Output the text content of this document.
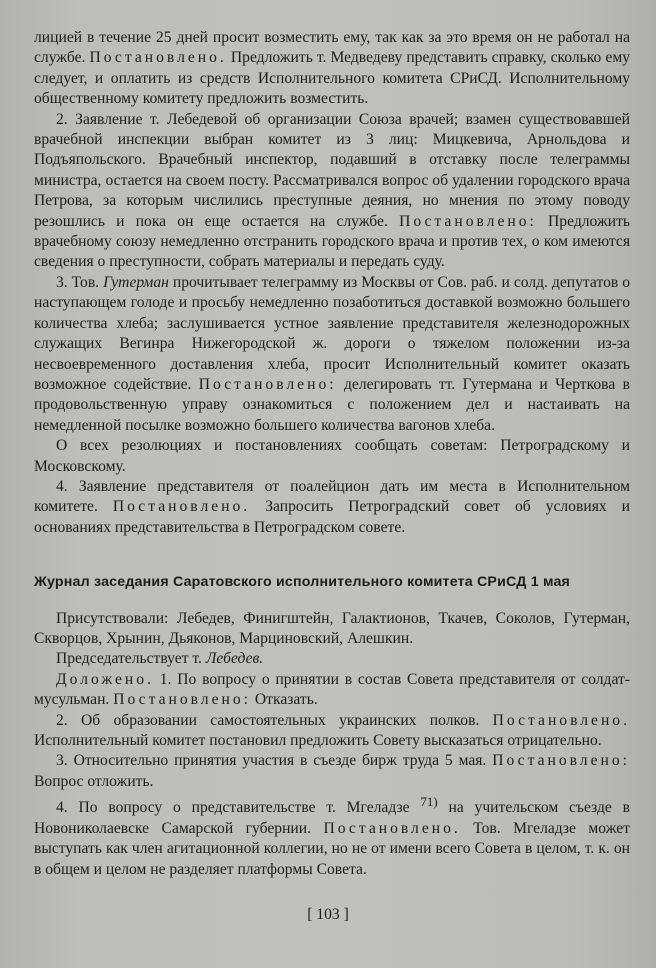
лицией в течение 25 дней просит возместить ему, так как за это время он не работал на службе. Постановлено. Предложить т. Медведеву представить справку, сколько ему следует, и оплатить из средств Исполнительного комитета СРиСД. Исполнительному общественному комитету предложить возместить.

2. Заявление т. Лебедевой об организации Союза врачей; взамен существовавшей врачебной инспекции выбран комитет из 3 лиц: Мицкевича, Арнольдова и Подъяпольского. Врачебный инспектор, подавший в отставку после телеграммы министра, остается на своем посту. Рассматривался вопрос об удалении городского врача Петрова, за которым числились преступные деяния, но мнения по этому поводу резошлись и пока он еще остается на службе. Постановлено: Предложить врачебному союзу немедленно отстранить городского врача и против тех, о ком имеются сведения о преступности, собрать материалы и передать суду.

3. Тов. Гутерман прочитывает телеграмму из Москвы от Сов. раб. и солд. депутатов о наступающем голоде и просьбу немедленно позаботиться доставкой возможно большего количества хлеба; заслушивается устное заявление представителя железнодорожных служащих Вегинра Нижегородской ж. дороги о тяжелом положении из-за несвоевременного доставления хлеба, просит Исполнительный комитет оказать возможное содействие. Постановлено: делегировать тт. Гутермана и Черткова в продовольственную управу ознакомиться с положением дел и настаивать на немедленной посылке возможно большего количества вагонов хлеба.

О всех резолюциях и постановлениях сообщать советам: Петроградскому и Московскому.

4. Заявление представителя от поалейцион дать им места в Исполнительном комитете. Постановлено. Запросить Петроградский совет об условиях и основаниях представительства в Петроградском совете.

Журнал заседания Саратовского исполнительного комитета СРиСД 1 мая

Присутствовали: Лебедев, Финигштейн, Галактионов, Ткачев, Соколов, Гутерман, Скворцов, Хрынин, Дьяконов, Марциновский, Алешкин.

Председательствует т. Лебедев.

Доложено. 1. По вопросу о принятии в состав Совета представителя от солдат-мусульман. Постановлено: Отказать.

2. Об образовании самостоятельных украинских полков. Постановлено. Исполнительный комитет постановил предложить Совету высказаться отрицательно.

3. Относительно принятия участия в съезде бирж труда 5 мая. Постановлено: Вопрос отложить.

4. По вопросу о представительстве т. Мгеладзе $^{71)}$ на учительском съезде в Новониколаевске Самарской губернии. Постановлено. Тов. Мгеладзе может выступать как член агитационной коллегии, но не от имени всего Совета в целом, т. к. он в общем и целом не разделяет платформы Совета.

[ 103 ]
